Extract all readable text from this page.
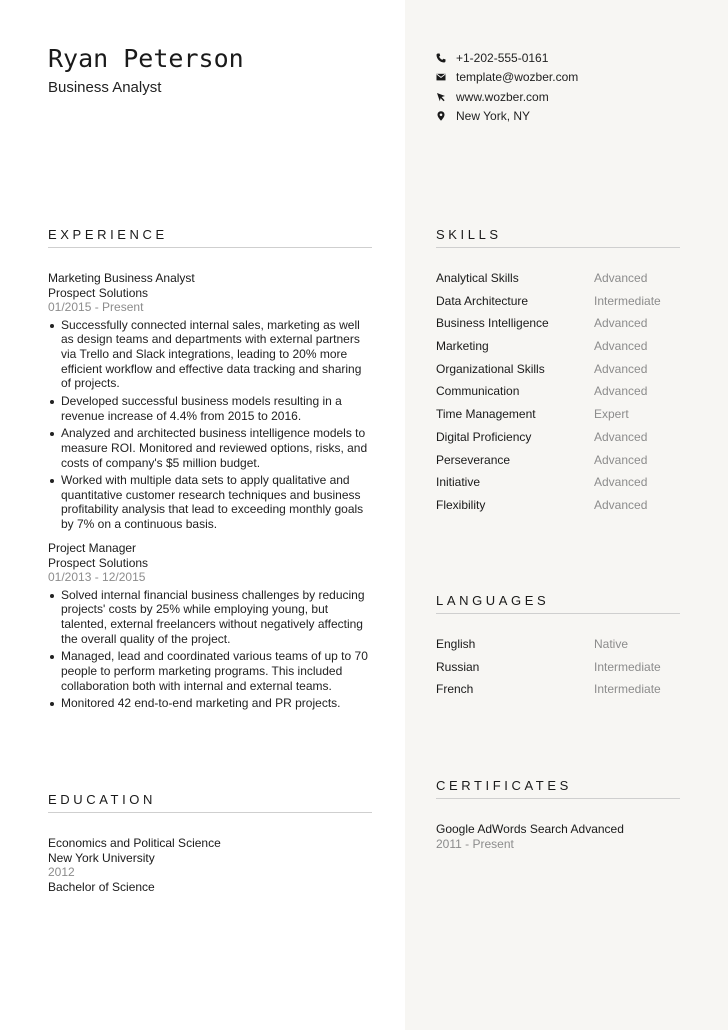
Ryan Peterson
Business Analyst
+1-202-555-0161
template@wozber.com
www.wozber.com
New York, NY
EXPERIENCE
Marketing Business Analyst
Prospect Solutions
01/2015 - Present
Successfully connected internal sales, marketing as well as design teams and departments with external partners via Trello and Slack integrations, leading to 20% more efficient workflow and effective data tracking and sharing of projects.
Developed successful business models resulting in a revenue increase of 4.4% from 2015 to 2016.
Analyzed and architected business intelligence models to measure ROI. Monitored and reviewed options, risks, and costs of company's $5 million budget.
Worked with multiple data sets to apply qualitative and quantitative customer research techniques and business profitability analysis that lead to exceeding monthly goals by 7% on a continuous basis.
Project Manager
Prospect Solutions
01/2013 - 12/2015
Solved internal financial business challenges by reducing projects' costs by 25% while employing young, but talented, external freelancers without negatively affecting the overall quality of the project.
Managed, lead and coordinated various teams of up to 70 people to perform marketing programs. This included collaboration both with internal and external teams.
Monitored 42 end-to-end marketing and PR projects.
EDUCATION
Economics and Political Science
New York University
2012
Bachelor of Science
SKILLS
Analytical Skills	Advanced
Data Architecture	Intermediate
Business Intelligence	Advanced
Marketing	Advanced
Organizational Skills	Advanced
Communication	Advanced
Time Management	Expert
Digital Proficiency	Advanced
Perseverance	Advanced
Initiative	Advanced
Flexibility	Advanced
LANGUAGES
English	Native
Russian	Intermediate
French	Intermediate
CERTIFICATES
Google AdWords Search Advanced
2011 - Present
